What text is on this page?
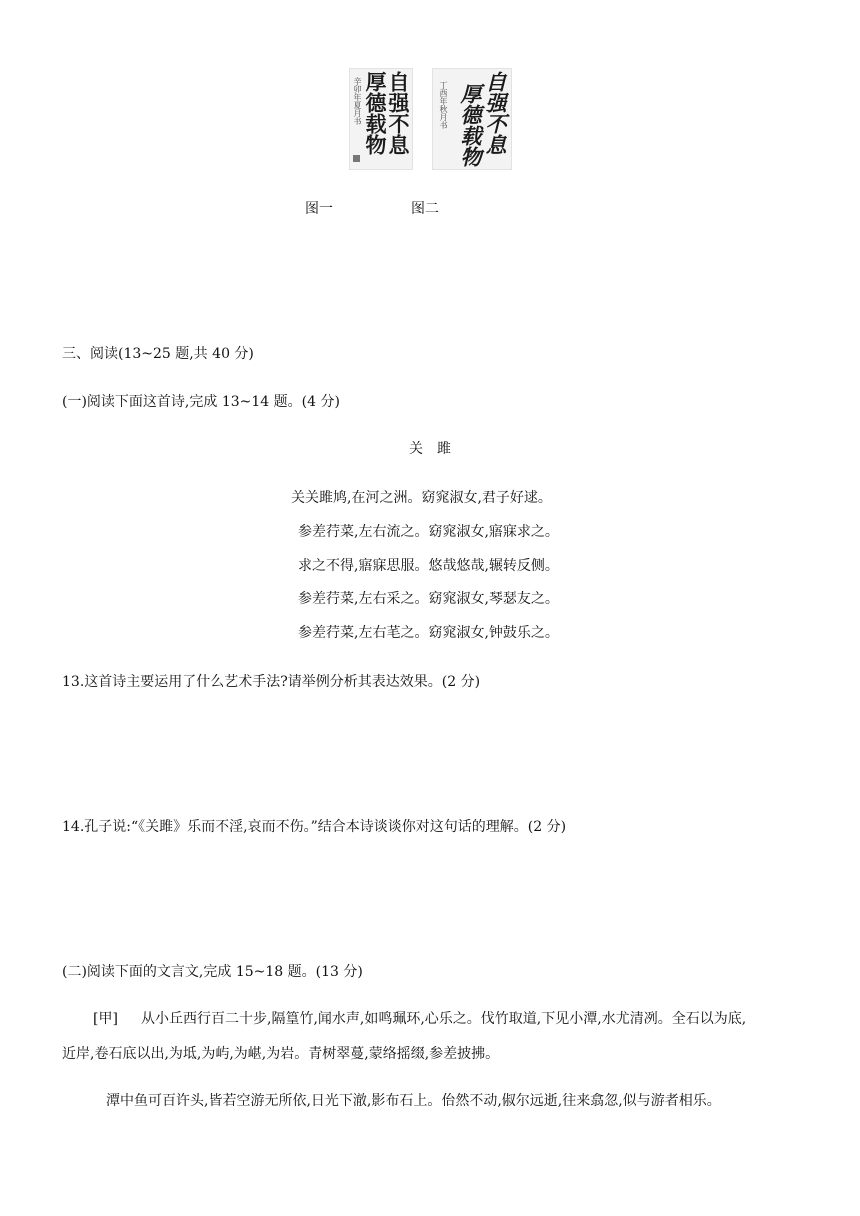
自强不息
厚德载物
辛卯年夏月书	自强不息
厚德载物
丁酉年秋月书
图一	图二
三、阅读(13~25 题,共 40 分)
(一)阅读下面这首诗,完成 13~14 题。(4 分)
关　雎
关关雎鸠,在河之洲。窈窕淑女,君子好逑。
参差荇菜,左右流之。窈窕淑女,寤寐求之。
求之不得,寤寐思服。悠哉悠哉,辗转反侧。
参差荇菜,左右采之。窈窕淑女,琴瑟友之。
参差荇菜,左右芼之。窈窕淑女,钟鼓乐之。
13.这首诗主要运用了什么艺术手法?请举例分析其表达效果。(2 分)
14.孔子说:“《关雎》乐而不淫,哀而不伤。”结合本诗谈谈你对这句话的理解。(2 分)
(二)阅读下面的文言文,完成 15~18 题。(13 分)
[甲] 从小丘西行百二十步,隔篁竹,闻水声,如鸣珮环,心乐之。伐竹取道,下见小潭,水尤清冽。全石以为底,
近岸,卷石底以出,为坻,为屿,为嵁,为岩。青树翠蔓,蒙络摇缀,参差披拂。
潭中鱼可百许头,皆若空游无所依,日光下澈,影布石上。佁然不动,俶尔远逝,往来翕忽,似与游者相乐。
